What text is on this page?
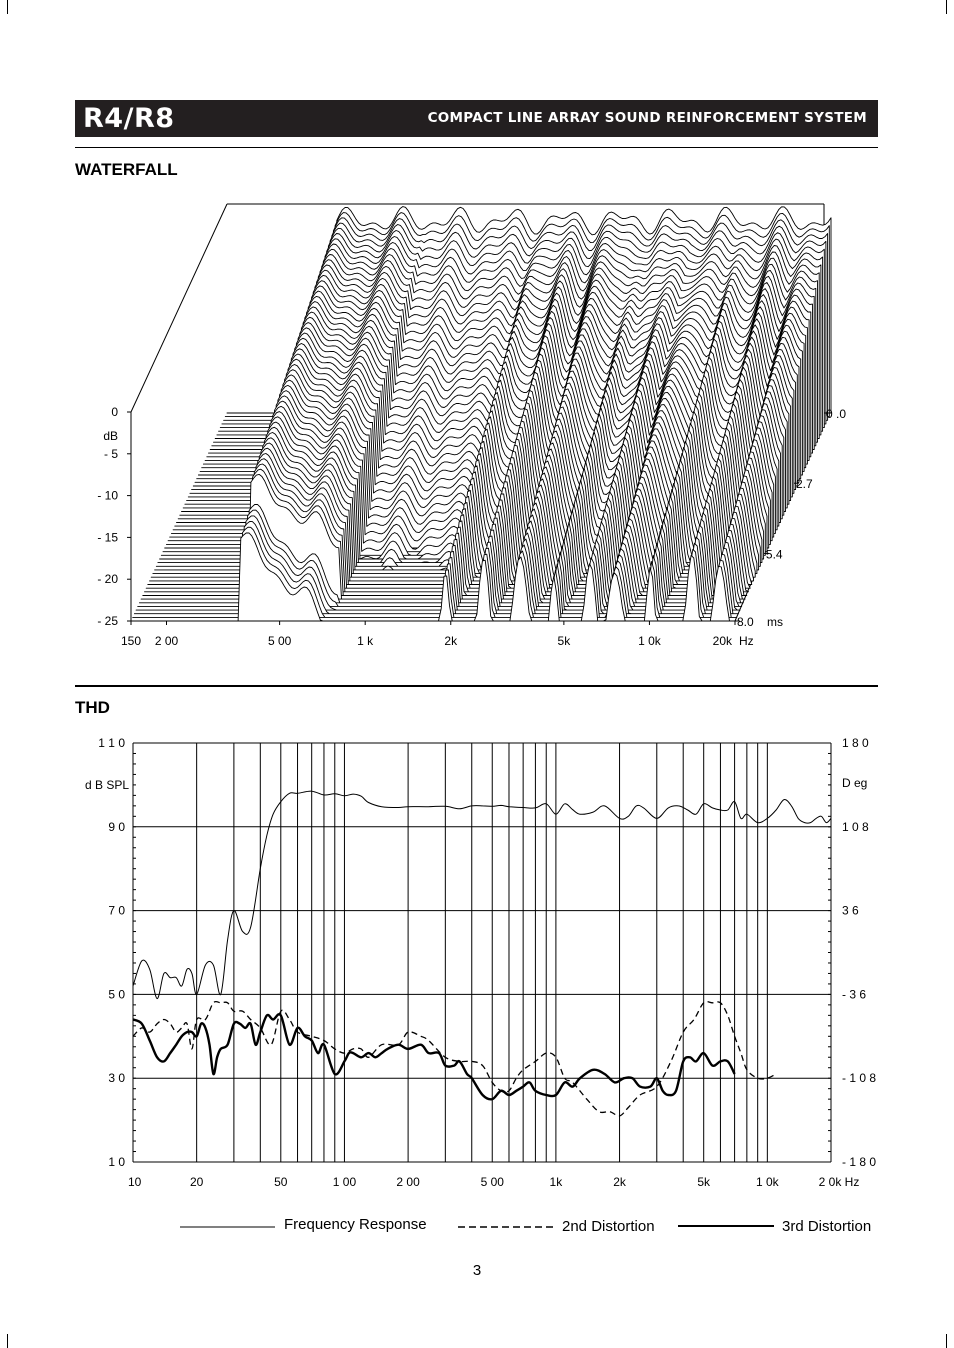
R4/R8	COMPACT LINE ARRAY SOUND REINFORCEMENT SYSTEM
WATERFALL
0
- 5
- 10
- 15
- 20
- 25
dB
150 2 00	5 00	1 k	2k	5k	1 0k	20k Hz
0 .0
2.7
5.4
8.0 ms
THD
1 1 0
9 0
7 0
5 0
3 0
1 0
d B SPL
1 8 0
1 0 8
3 6
- 3 6
- 1 0 8
- 1 8 0
D eg
10	20	50	1 00	2 00	5 00	1k	2k	5k	1 0k	2 0k Hz
Frequency Response	2nd Distortion	3rd Distortion
3
